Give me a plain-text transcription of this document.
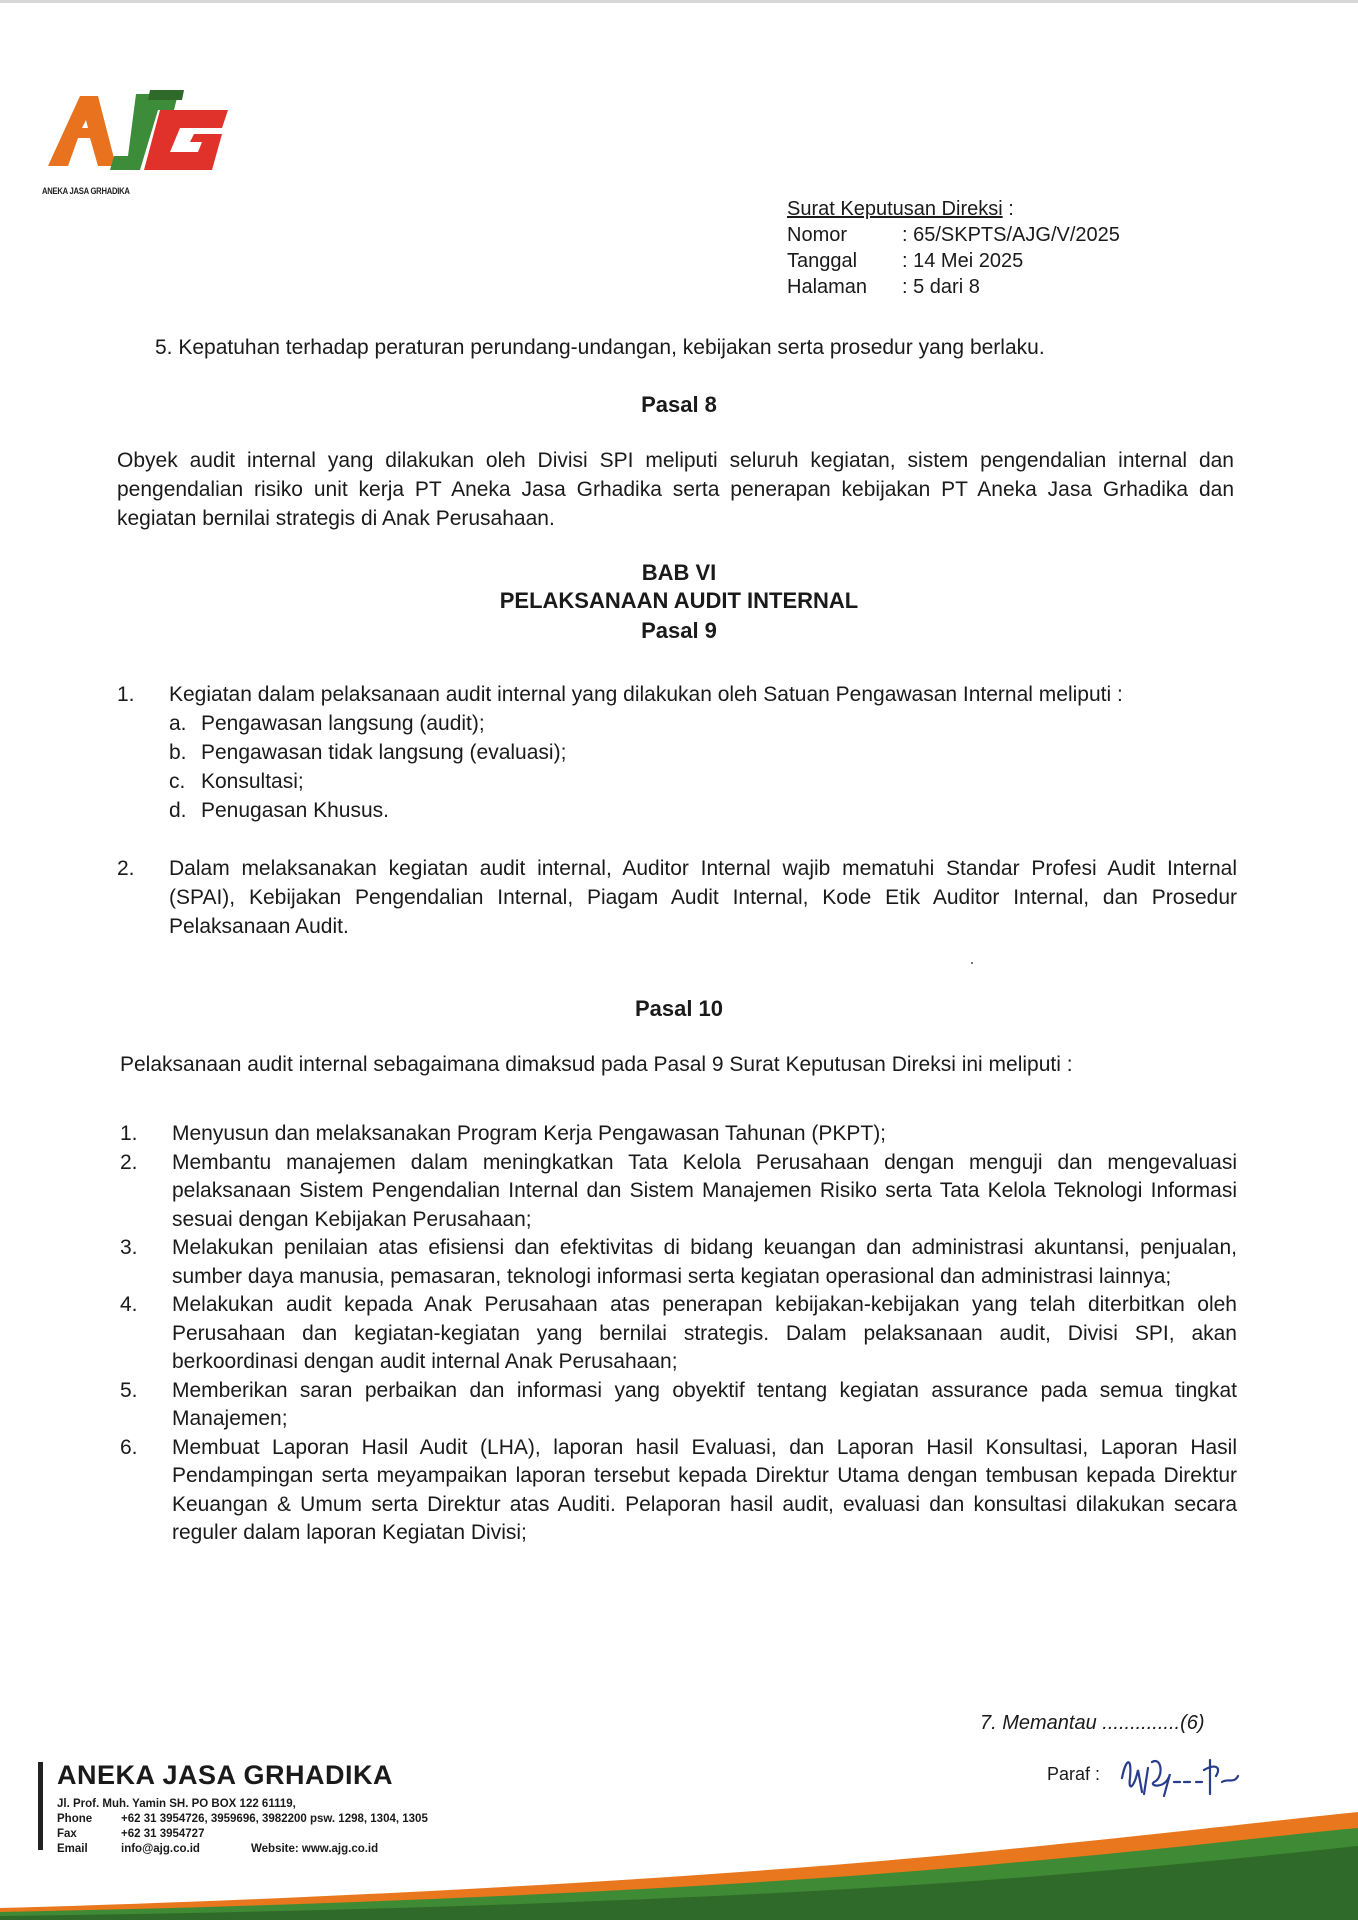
ANEKA JASA GRHADIKA
Surat Keputusan Direksi :
Nomor	: 65/SKPTS/AJG/V/2025
Tanggal	: 14 Mei 2025
Halaman	: 5 dari 8
5. Kepatuhan terhadap peraturan perundang-undangan, kebijakan serta prosedur yang berlaku.
Pasal 8
Obyek audit internal yang dilakukan oleh Divisi SPI meliputi seluruh kegiatan, sistem pengendalian internal dan pengendalian risiko unit kerja PT Aneka Jasa Grhadika serta penerapan kebijakan PT Aneka Jasa Grhadika dan kegiatan bernilai strategis di Anak Perusahaan.
BAB VI
PELAKSANAAN AUDIT INTERNAL
Pasal 9
1.	Kegiatan dalam pelaksanaan audit internal yang dilakukan oleh Satuan Pengawasan Internal meliputi :
a. Pengawasan langsung (audit);
b. Pengawasan tidak langsung (evaluasi);
c. Konsultasi;
d. Penugasan Khusus.
2.	Dalam melaksanakan kegiatan audit internal, Auditor Internal wajib mematuhi Standar Profesi Audit Internal (SPAI), Kebijakan Pengendalian Internal, Piagam Audit Internal, Kode Etik Auditor Internal, dan Prosedur Pelaksanaan Audit.
Pasal 10
Pelaksanaan audit internal sebagaimana dimaksud pada Pasal 9 Surat Keputusan Direksi ini meliputi :
1.	Menyusun dan melaksanakan Program Kerja Pengawasan Tahunan (PKPT);
2.	Membantu manajemen dalam meningkatkan Tata Kelola Perusahaan dengan menguji dan mengevaluasi pelaksanaan Sistem Pengendalian Internal dan Sistem Manajemen Risiko serta Tata Kelola Teknologi Informasi sesuai dengan Kebijakan Perusahaan;
3.	Melakukan penilaian atas efisiensi dan efektivitas di bidang keuangan dan administrasi akuntansi, penjualan, sumber daya manusia, pemasaran, teknologi informasi serta kegiatan operasional dan administrasi lainnya;
4.	Melakukan audit kepada Anak Perusahaan atas penerapan kebijakan-kebijakan yang telah diterbitkan oleh Perusahaan dan kegiatan-kegiatan yang bernilai strategis. Dalam pelaksanaan audit, Divisi SPI, akan berkoordinasi dengan audit internal Anak Perusahaan;
5.	Memberikan saran perbaikan dan informasi yang obyektif tentang kegiatan assurance pada semua tingkat Manajemen;
6.	Membuat Laporan Hasil Audit (LHA), laporan hasil Evaluasi, dan Laporan Hasil Konsultasi, Laporan Hasil Pendampingan serta meyampaikan laporan tersebut kepada Direktur Utama dengan tembusan kepada Direktur Keuangan & Umum serta Direktur atas Auditi. Pelaporan hasil audit, evaluasi dan konsultasi dilakukan secara reguler dalam laporan Kegiatan Divisi;
7. Memantau ..............(6)
Paraf :
ANEKA JASA GRHADIKA
Jl. Prof. Muh. Yamin SH. PO BOX 122 61119,
Phone	+62 31 3954726, 3959696, 3982200 psw. 1298, 1304, 1305
Fax	+62 31 3954727
Email	info@ajg.co.id	Website: www.ajg.co.id
